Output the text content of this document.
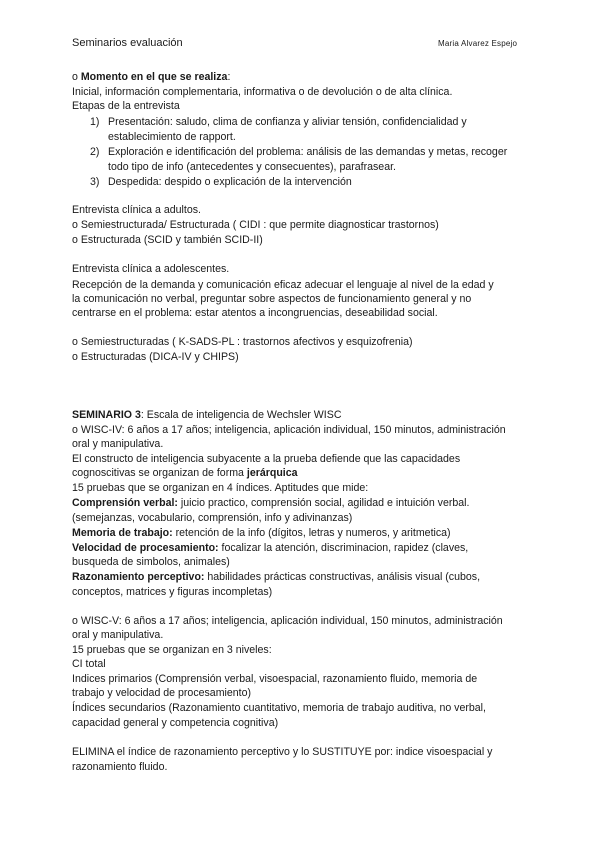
Seminarios evaluación	Maria Alvarez Espejo
o Momento en el que se realiza:
Inicial, información complementaria, informativa o de devolución o de alta clínica.
Etapas de la entrevista
1) Presentación: saludo, clima de confianza y aliviar tensión, confidencialidad y
establecimiento de rapport.
2) Exploración e identificación del problema: análisis de las demandas y metas, recoger
todo tipo de info (antecedentes y consecuentes), parafrasear.
3) Despedida: despido o explicación de la intervención
Entrevista clínica a adultos.
o Semiestructurada/ Estructurada ( CIDI : que permite diagnosticar trastornos)
o Estructurada (SCID y también SCID-II)
Entrevista clínica a adolescentes.
Recepción de la demanda y comunicación eficaz adecuar el lenguaje al nivel de la edad y
la comunicación no verbal, preguntar sobre aspectos de funcionamiento general y no
centrarse en el problema: estar atentos a incongruencias, deseabilidad social.
o Semiestructuradas ( K-SADS-PL : trastornos afectivos y esquizofrenia)
o Estructuradas (DICA-IV y CHIPS)
SEMINARIO 3: Escala de inteligencia de Wechsler WISC
o WISC-IV: 6 años a 17 años; inteligencia, aplicación individual, 150 minutos, administración
oral y manipulativa.
El constructo de inteligencia subyacente a la prueba defiende que las capacidades
cognoscitivas se organizan de forma jerárquica
15 pruebas que se organizan en 4 índices. Aptitudes que mide:
Comprensión verbal: juicio practico, comprensión social, agilidad e intuición verbal.
(semejanzas, vocabulario, comprensión, info y adivinanzas)
Memoria de trabajo: retención de la info (dígitos, letras y numeros, y aritmetica)
Velocidad de procesamiento: focalizar la atención, discriminacion, rapidez (claves,
busqueda de simbolos, animales)
Razonamiento perceptivo: habilidades prácticas constructivas, análisis visual (cubos,
conceptos, matrices y figuras incompletas)
o WISC-V: 6 años a 17 años; inteligencia, aplicación individual, 150 minutos, administración
oral y manipulativa.
15 pruebas que se organizan en 3 niveles:
CI total
Indices primarios (Comprensión verbal, visoespacial, razonamiento fluido, memoria de
trabajo y velocidad de procesamiento)
Índices secundarios (Razonamiento cuantitativo, memoria de trabajo auditiva, no verbal,
capacidad general y competencia cognitiva)
ELIMINA el índice de razonamiento perceptivo y lo SUSTITUYE por: indice visoespacial y
razonamiento fluido.
